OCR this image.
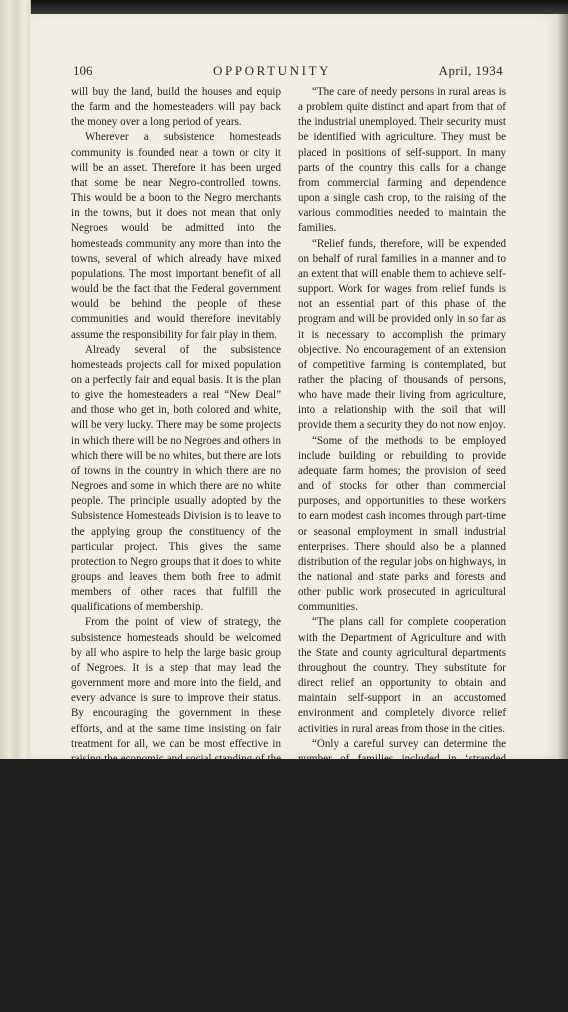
106	OPPORTUNITY	April, 1934

will buy the land, build the houses and equip the farm and the homesteaders will pay back the money over a long period of years.

Wherever a subsistence homesteads community is founded near a town or city it will be an asset. Therefore it has been urged that some be near Negro-controlled towns. This would be a boon to the Negro merchants in the towns, but it does not mean that only Negroes would be admitted into the homesteads community any more than into the towns, several of which already have mixed populations. The most important benefit of all would be the fact that the Federal government would be behind the people of these communities and would therefore inevitably assume the responsibility for fair play in them.

Already several of the subsistence homesteads projects call for mixed population on a perfectly fair and equal basis. It is the plan to give the homesteaders a real “New Deal” and those who get in, both colored and white, will be very lucky. There may be some projects in which there will be no Negroes and others in which there will be no whites, but there are lots of towns in the country in which there are no Negroes and some in which there are no white people. The principle usually adopted by the Subsistence Homesteads Division is to leave to the applying group the constituency of the particular project. This gives the same protection to Negro groups that it does to white groups and leaves them both free to admit members of other races that fulfill the qualifications of membership.

From the point of view of strategy, the subsistence homesteads should be welcomed by all who aspire to help the large basic group of Negroes. It is a step that may lead the government more and more into the field, and every advance is sure to improve their status. By encouraging the government in these efforts, and at the same time insisting on fair treatment for all, we can be most effective in raising the economic and social standing of the whole Negro race.

Recently President Roosevelt has gone even further and declared that the government will give relief to the “distressed families in rural areas.” It is apparent that such a program on the part of the Federal government will be enormously important to both races.

This is such a crucial step on the part of the government and of such particular importance to Negroes that I think it would be well to give the new program in the President’s own words. The following is taken from his statement on February 28:

“The care of needy persons in rural areas is a problem quite distinct and apart from that of the industrial unemployed. Their security must be identified with agriculture. They must be placed in positions of self-support. In many parts of the country this calls for a change from commercial farming and dependence upon a single cash crop, to the raising of the various commodities needed to maintain the families.

“Relief funds, therefore, will be expended on behalf of rural families in a manner and to an extent that will enable them to achieve self-support. Work for wages from relief funds is not an essential part of this phase of the program and will be provided only in so far as it is necessary to accomplish the primary objective. No encouragement of an extension of competitive farming is contemplated, but rather the placing of thousands of persons, who have made their living from agriculture, into a relationship with the soil that will provide them a security they do not now enjoy.

“Some of the methods to be employed include building or rebuilding to provide adequate farm homes; the provision of seed and of stocks for other than commercial purposes, and opportunities to these workers to earn modest cash incomes through part-time or seasonal employment in small industrial enterprises. There should also be a planned distribution of the regular jobs on highways, in the national and state parks and forests and other public work prosecuted in agricultural communities.

“The plans call for complete cooperation with the Department of Agriculture and with the State and county agricultural departments throughout the country. They substitute for direct relief an opportunity to obtain and maintain self-support in an accustomed environment and completely divorce relief activities in rural areas from those in the cities.

“Only a careful survey can determine the number of families included in ‘stranded populations’ but there are sufficient data already collected to indicate a situation of substantial proportions. The solution of the problem of these families involves their physical transplanting, in a large majority of cases, since the areas in which they are concentrated offer neither future employment at wages nor opportunities for self-support through agriculture.

“It is planned to explore this difficult situation and, in collaboration with the Subsistence Homesteads Division of the Department of the Interior, and with other Federal and local agencies, devise and apply definitely remedial

(Continued on Page 126)
